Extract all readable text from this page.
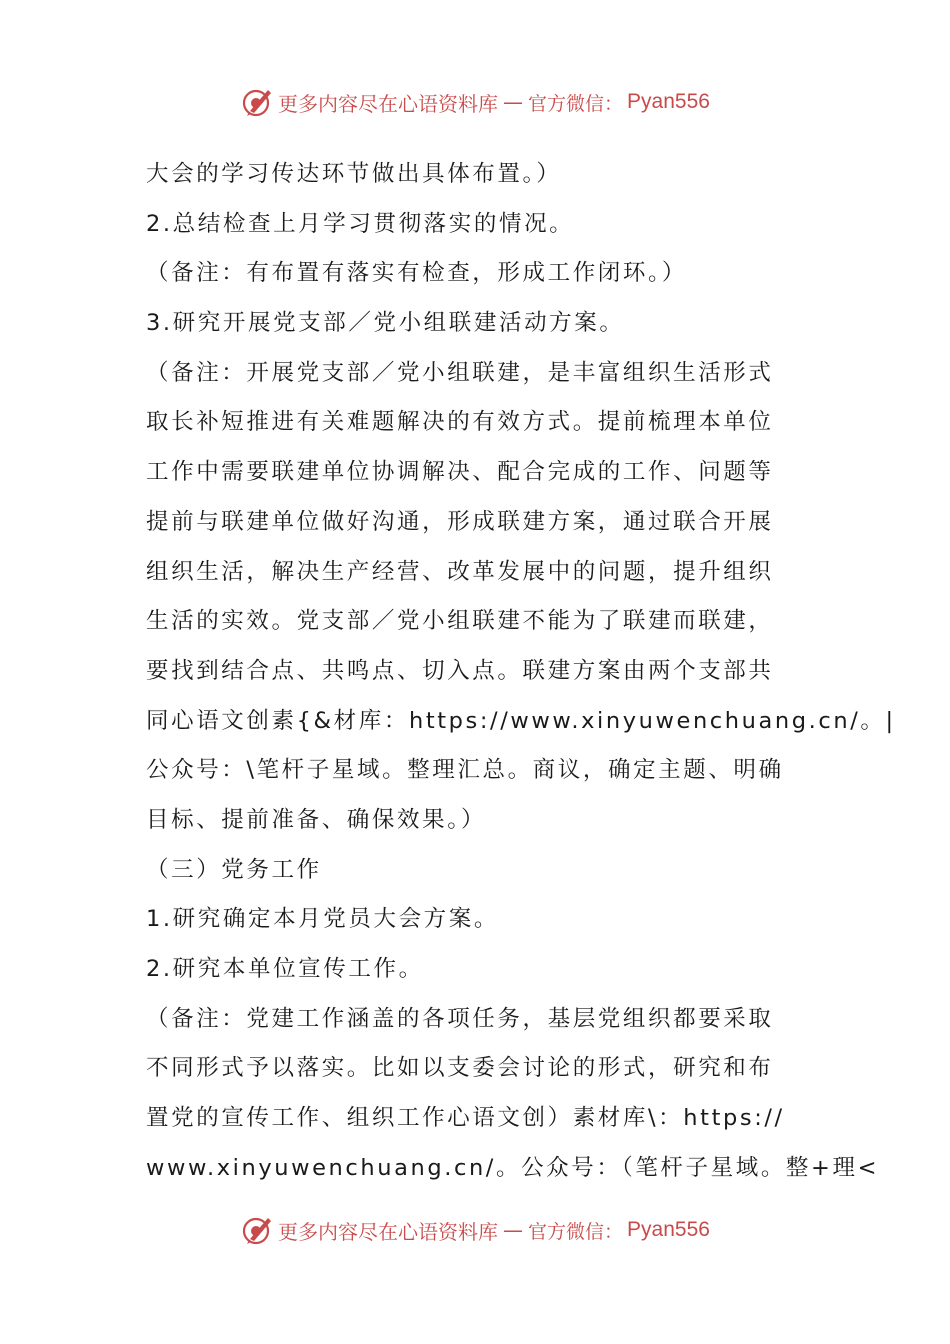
更多内容尽在心语资料库 — 官方微信： Pyan556
大会的学习传达环节做出具体布置。）
2.总结检查上月学习贯彻落实的情况。
（备注：有布置有落实有检查，形成工作闭环。）
3.研究开展党支部／党小组联建活动方案。
（备注：开展党支部／党小组联建，是丰富组织生活形式
取长补短推进有关难题解决的有效方式。提前梳理本单位
工作中需要联建单位协调解决、配合完成的工作、问题等
提前与联建单位做好沟通，形成联建方案，通过联合开展
组织生活，解决生产经营、改革发展中的问题，提升组织
生活的实效。党支部／党小组联建不能为了联建而联建，
要找到结合点、共鸣点、切入点。联建方案由两个支部共
同心语文创素{&材库：https://www.xinyuwenchuang.cn/。|
公众号：\笔杆子星域。整理汇总。商议，确定主题、明确
目标、提前准备、确保效果。）
（三）党务工作
1.研究确定本月党员大会方案。
2.研究本单位宣传工作。
（备注：党建工作涵盖的各项任务，基层党组织都要采取
不同形式予以落实。比如以支委会讨论的形式，研究和布
置党的宣传工作、组织工作心语文创）素材库\：https://
www.xinyuwenchuang.cn/。公众号：（笔杆子星域。整+理<
更多内容尽在心语资料库 — 官方微信： Pyan556
